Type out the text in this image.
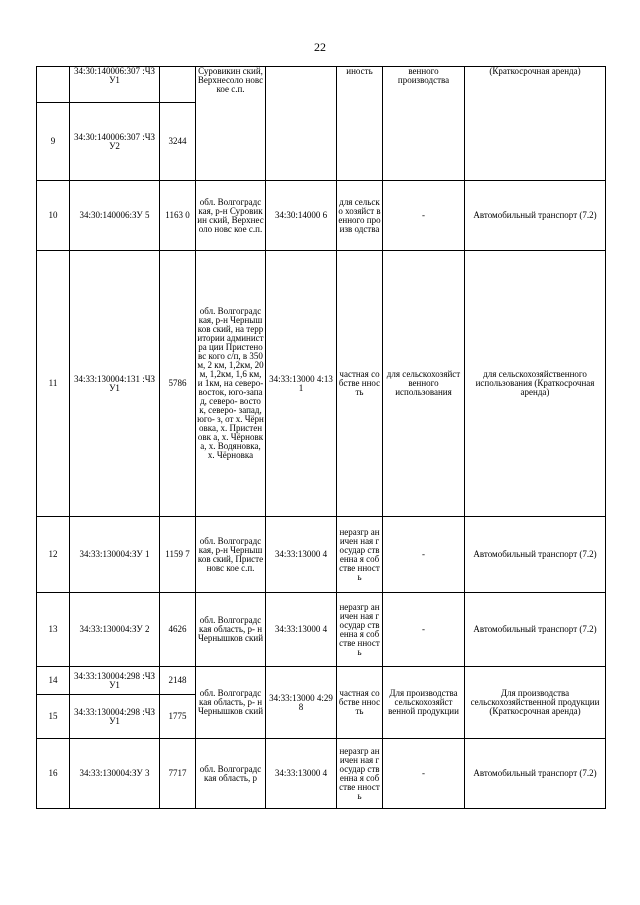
22
	34:30:140006:307 :ЧЗУ1		Суровикин ский, Верхнесоло новс кое с.п.		иность	венного производства	(Краткосрочная аренда)
9	34:30:140006:307 :ЧЗУ2	3244					
10	34:30:140006:ЗУ 5	1163 0	обл. Волгоградс кая, р-н Суровикин ский, Верхнесоло новс кое с.п.	34:30:14000 6	для сельско хозяйст венного произв одства	-	Автомобильный транспорт (7.2)
11	34:33:130004:131 :ЧЗУ1	5786	обл. Волгоградс кая, р-н Чернышков ский, на территории администра ции Пристеновс кого с/п, в 350м, 2 км, 1,2км, 20 м, 1,2км, 1,6 км, и 1км, на северо- восток, юго-запад, северо- восток, северо- запад, юго- з, от х. Чёрновка, х. Пристеновк а, х. Чёрновка, х. Водяновка, х. Чёрновка	34:33:13000 4:131	частная собстве нность	для сельскохозяйст венного использования	для сельскохозяйственного использования (Краткосрочная аренда)
12	34:33:130004:ЗУ 1	1159 7	обл. Волгоградс кая, р-н Чернышков ский, Пристеновс кое с.п.	34:33:13000 4	неразгр аничен ная государ ственна я собстве нность	-	Автомобильный транспорт (7.2)
13	34:33:130004:ЗУ 2	4626	обл. Волгоградс кая область, р- н Чернышков ский	34:33:13000 4	неразгр аничен ная государ ственна я собстве нность	-	Автомобильный транспорт (7.2)
14	34:33:130004:298 :ЧЗУ1	2148	обл. Волгоградс кая область, р- н Чернышков ский	34:33:13000 4:298	частная собстве нность	Для производства сельскохозяйст венной продукции	Для производства сельскохозяйственной продукции (Краткосрочная аренда)
15	34:33:130004:298 :ЧЗУ1	1775					
16	34:33:130004:ЗУ 3	7717	обл. Волгоградс кая область, р	34:33:13000 4	неразгр аничен ная государ ственна я собстве нность	-	Автомобильный транспорт (7.2)
